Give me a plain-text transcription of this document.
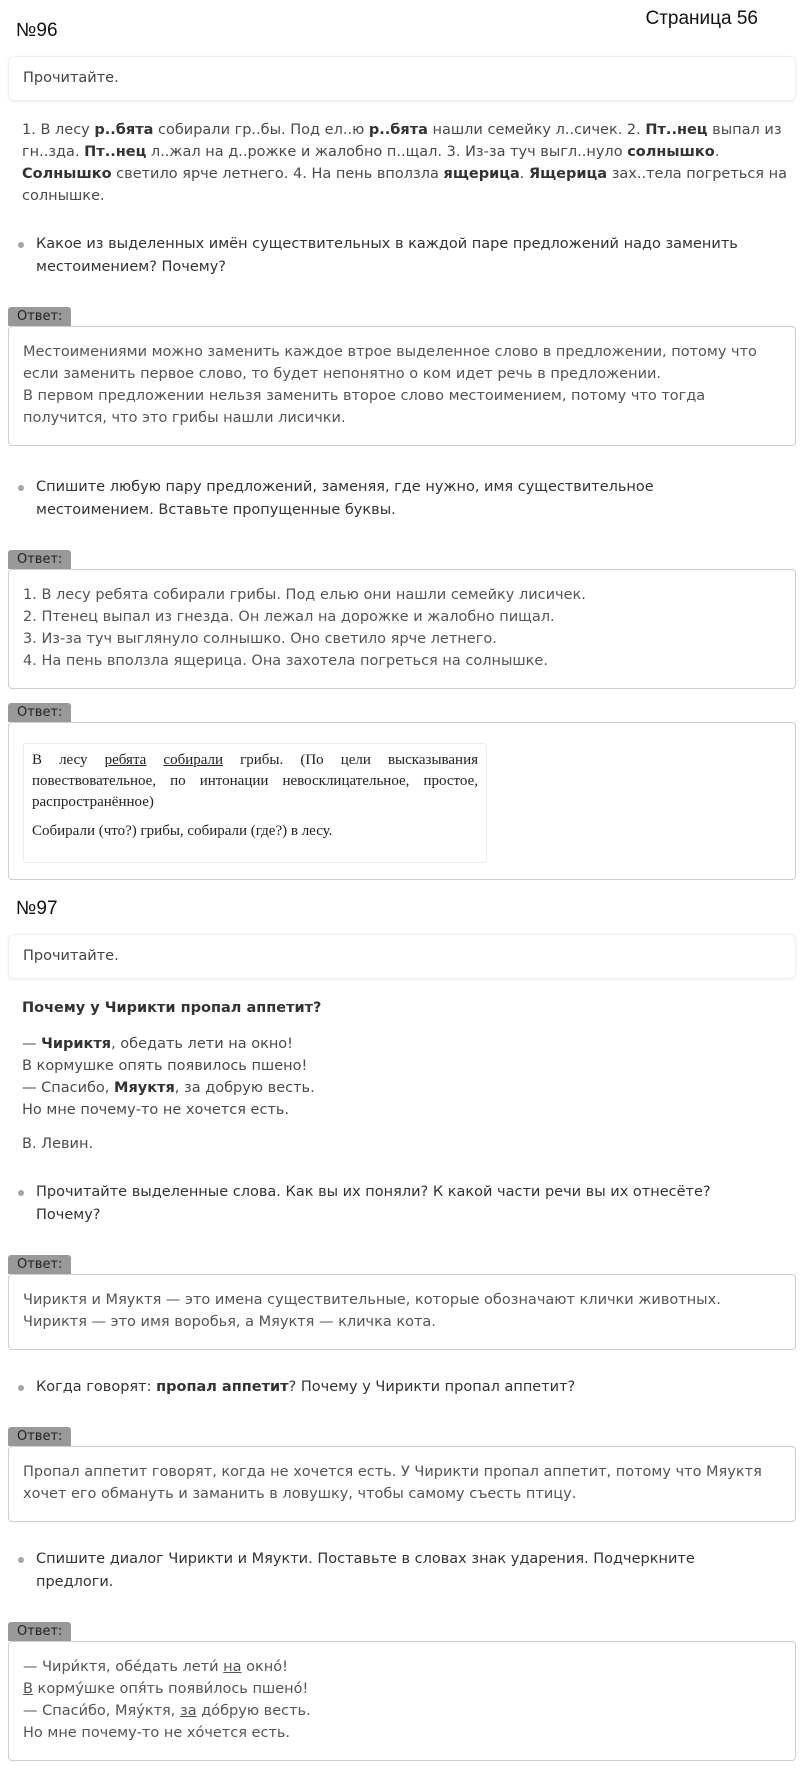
Страница 56
№96
Прочитайте.

1. В лесу р..бята собирали гр..бы. Под ел..ю р..бята нашли семейку л..сичек. 2. Пт..нец выпал из гн..зда. Пт..нец л..жал на д..рожке и жалобно п..щал. 3. Из-за туч выгл..нуло солнышко. Солнышко светило ярче летнего. 4. На пень вползла ящерица. Ящерица зах..тела погреться на солнышке.

Какое из выделенных имён существительных в каждой паре предложений надо заменить местоимением? Почему?
Ответ:
Местоимениями можно заменить каждое втрое выделенное слово в предложении, потому что если заменить первое слово, то будет непонятно о ком идет речь в предложении.
В первом предложении нельзя заменить второе слово местоимением, потому что тогда получится, что это грибы нашли лисички.
Спишите любую пару предложений, заменяя, где нужно, имя существительное местоимением. Вставьте пропущенные буквы.
Ответ:
1. В лесу ребята собирали грибы. Под елью они нашли семейку лисичек.
2. Птенец выпал из гнезда. Он лежал на дорожке и жалобно пищал.
3. Из-за туч выглянуло солнышко. Оно светило ярче летнего.
4. На пень вползла ящерица. Она захотела погреться на солнышке.
Ответ:

В лесу ребята собирали грибы. (По цели высказывания повествовательное, по интонации невосклицательное, простое, распространённое)

Собирали (что?) грибы, собирали (где?) в лесу.

№97
Прочитайте.

Почему у Чирикти пропал аппетит?

— Чириктя, обедать лети на окно!
В кормушке опять появилось пшено!
— Спасибо, Мяуктя, за добрую весть.
Но мне почему-то не хочется есть.

В. Левин.

Прочитайте выделенные слова. Как вы их поняли? К какой части речи вы их отнесёте? Почему?
Ответ:
Чириктя и Мяуктя — это имена существительные, которые обозначают клички животных. Чириктя — это имя воробья, а Мяуктя — кличка кота.
Когда говорят: пропал аппетит? Почему у Чирикти пропал аппетит?
Ответ:
Пропал аппетит говорят, когда не хочется есть. У Чирикти пропал аппетит, потому что Мяуктя хочет его обмануть и заманить в ловушку, чтобы самому съесть птицу.
Спишите диалог Чирикти и Мяукти. Поставьте в словах знак ударения. Подчеркните предлоги.
Ответ:
— Чири́ктя, обе́дать лети́ на окно́!
В корму́шке опя́ть появи́лось пшено́!
— Спаси́бо, Мяу́ктя, за до́брую весть.
Но мне почему-то не хо́чется есть.
